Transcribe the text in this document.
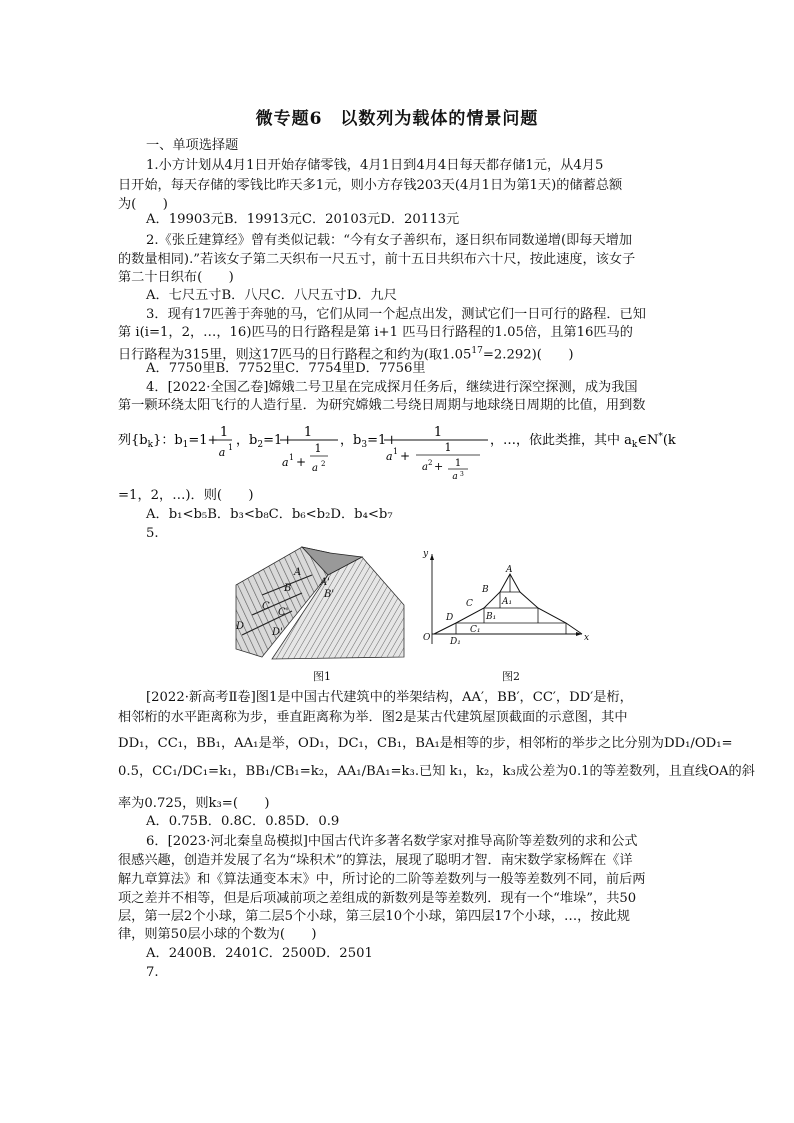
微专题6　以数列为载体的情景问题
一、单项选择题
1.小方计划从4月1日开始存储零钱，4月1日到4月4日每天都存储1元，从4月5
日开始，每天存储的零钱比昨天多1元，则小方存钱203天(4月1日为第1天)的储蓄总额
为(　　)
A．19903元B．19913元C．20103元D．20113元
2.《张丘建算经》曾有类似记载：“今有女子善织布，逐日织布同数递增(即每天增加
的数量相同).”若该女子第二天织布一尺五寸，前十五日共织布六十尺，按此速度，该女子
第二十日织布(　　)
A．七尺五寸B．八尺C．八尺五寸D．九尺
3．现有17匹善于奔驰的马，它们从同一个起点出发，测试它们一日可行的路程．已知
第 i(i=1，2，…，16)匹马的日行路程是第 i+1 匹马日行路程的1.05倍，且第16匹马的
日行路程为315里，则这17匹马的日行路程之和约为(取$1.05^{17}=2.292$)(　　)
A．7750里B．7752里C．7754里D．7756里
4．[2022·全国乙卷]嫦娥二号卫星在完成探月任务后，继续进行深空探测，成为我国
第一颗环绕太阳飞行的人造行星．为研究嫦娥二号绕日周期与地球绕日周期的比值，用到数
列$\{b_k\}$：$b_1=1+$
1
a 1 ，$b_2=1+$
1
a 1 +
1
a 2
，$b_3=1+$
1
a 1 +
1
a 2 + 1
a 3
，…，依此类推，其中 $a_k\in N^*(k$
=1，2，…)．则(　　)
A．b₁<b₅B．b₃<b₈C．b₆<b₂D．b₄<b₇
5.
A
A'
B
B'
C
C'
D
D'
图1
y
x
O
A
B
C
D
A₁
B₁
C₁
D₁
图2
[2022·新高考Ⅱ卷]图1是中国古代建筑中的举架结构，AA′，BB′，CC′，DD′是桁，
相邻桁的水平距离称为步，垂直距离称为举．图2是某古代建筑屋顶截面的示意图，其中
DD₁，CC₁，BB₁，AA₁是举，OD₁，DC₁，CB₁，BA₁是相等的步，相邻桁的举步之比分别为DD₁/OD₁=
0.5，CC₁/DC₁=k₁，BB₁/CB₁=k₂，AA₁/BA₁=k₃.已知 k₁，k₂，k₃成公差为0.1的等差数列，且直线OA的斜
率为0.725，则k₃=(　　)
A．0.75B．0.8C．0.85D．0.9
6．[2023·河北秦皇岛模拟]中国古代许多著名数学家对推导高阶等差数列的求和公式
很感兴趣，创造并发展了名为“垛积术”的算法，展现了聪明才智．南宋数学家杨辉在《详
解九章算法》和《算法通变本末》中，所讨论的二阶等差数列与一般等差数列不同，前后两
项之差并不相等，但是后项减前项之差组成的新数列是等差数列．现有一个“堆垛”，共50
层，第一层2个小球，第二层5个小球，第三层10个小球，第四层17个小球，…，按此规
律，则第50层小球的个数为(　　)
A．2400B．2401C．2500D．2501
7.
